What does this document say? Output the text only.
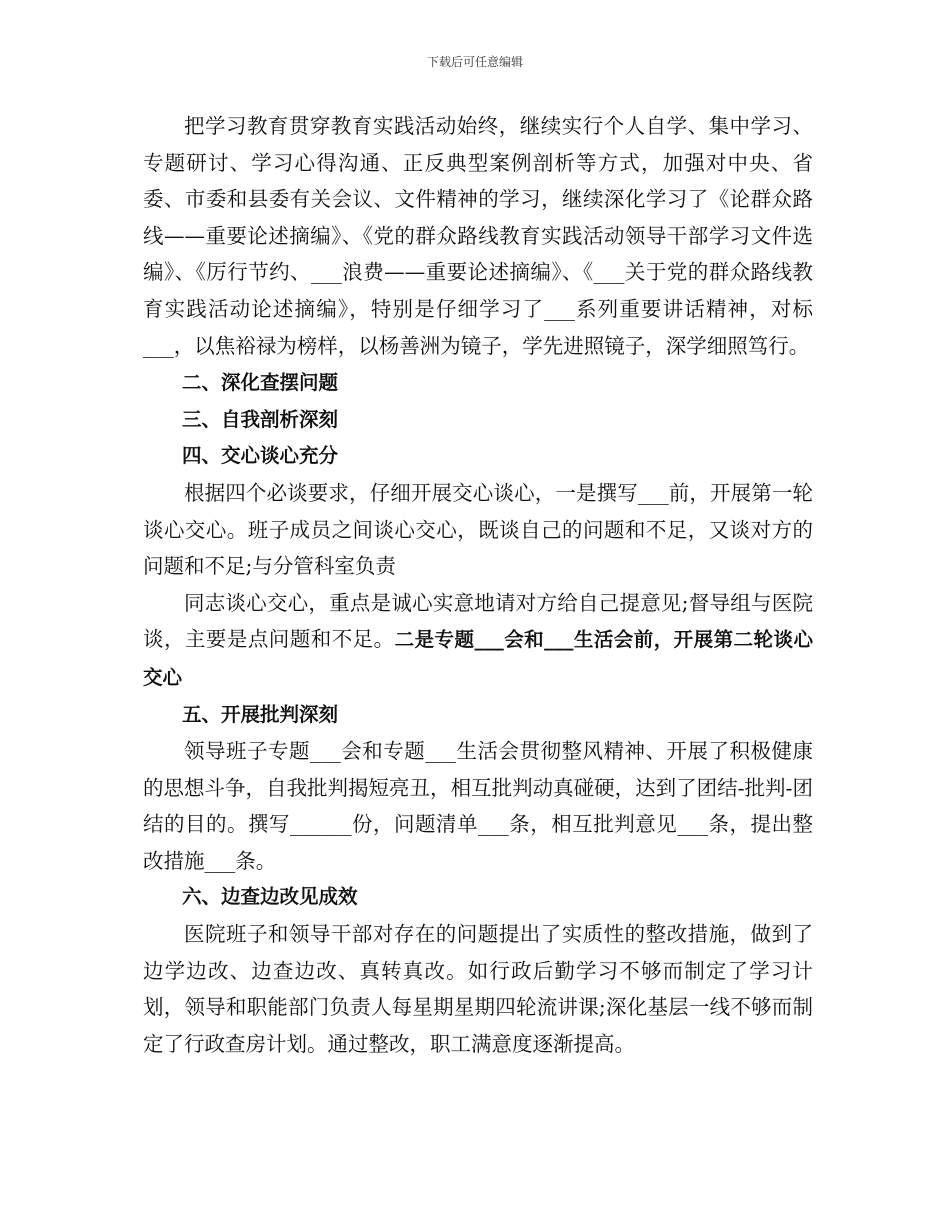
下载后可任意编辑

把学习教育贯穿教育实践活动始终，继续实行个人自学、集中学习、专题研讨、学习心得沟通、正反典型案例剖析等方式，加强对中央、省委、市委和县委有关会议、文件精神的学习，继续深化学习了《论群众路线——重要论述摘编》、《党的群众路线教育实践活动领导干部学习文件选编》、《厉行节约、___浪费——重要论述摘编》、《___关于党的群众路线教育实践活动论述摘编》，特别是仔细学习了___系列重要讲话精神，对标___，以焦裕禄为榜样，以杨善洲为镜子，学先进照镜子，深学细照笃行。

二、深化查摆问题

三、自我剖析深刻

四、交心谈心充分

根据四个必谈要求，仔细开展交心谈心，一是撰写___前，开展第一轮谈心交心。班子成员之间谈心交心，既谈自己的问题和不足，又谈对方的问题和不足;与分管科室负责

同志谈心交心，重点是诚心实意地请对方给自己提意见;督导组与医院谈，主要是点问题和不足。二是专题___会和___生活会前，开展第二轮谈心交心

五、开展批判深刻

领导班子专题___会和专题___生活会贯彻整风精神、开展了积极健康的思想斗争，自我批判揭短亮丑，相互批判动真碰硬，达到了团结-批判-团结的目的。撰写______份，问题清单___条，相互批判意见___条，提出整改措施___条。

六、边查边改见成效

医院班子和领导干部对存在的问题提出了实质性的整改措施，做到了边学边改、边查边改、真转真改。如行政后勤学习不够而制定了学习计划，领导和职能部门负责人每星期星期四轮流讲课;深化基层一线不够而制定了行政查房计划。通过整改，职工满意度逐渐提高。
